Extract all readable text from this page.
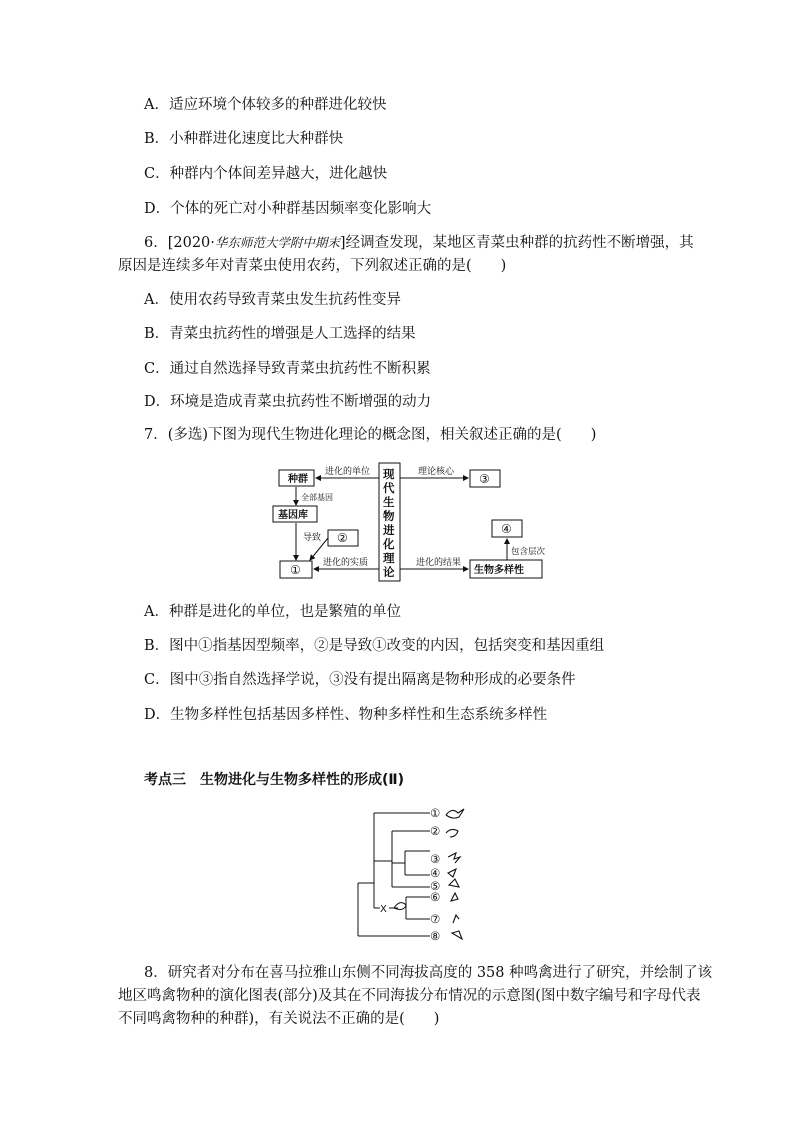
A．适应环境个体较多的种群进化较快
B．小种群进化速度比大种群快
C．种群内个体间差异越大，进化越快
D．个体的死亡对小种群基因频率变化影响大
6．[2020·华东师范大学附中期末]经调查发现，某地区青菜虫种群的抗药性不断增强，其
原因是连续多年对青菜虫使用农药，下列叙述正确的是(　　)
A．使用农药导致青菜虫发生抗药性变异
B．青菜虫抗药性的增强是人工选择的结果
C．通过自然选择导致青菜虫抗药性不断积累
D．环境是造成青菜虫抗药性不断增强的动力
7．(多选)下图为现代生物进化理论的概念图，相关叙述正确的是(　　)
进化的单位
全部基因
导致
进化的实质
理论核心
进化的结果
包含层次
种群
基因库
生物多样性
②
①
③
④
现
代
生
物
进
化
理
论
A．种群是进化的单位，也是繁殖的单位
B．图中①指基因型频率，②是导致①改变的内因，包括突变和基因重组
C．图中③指自然选择学说，③没有提出隔离是物种形成的必要条件
D．生物多样性包括基因多样性、物种多样性和生态系统多样性
考点三　生物进化与生物多样性的形成(Ⅱ)
X
①
②
③
④
⑤
⑥
⑦
⑧
8．研究者对分布在喜马拉雅山东侧不同海拔高度的 358 种鸣禽进行了研究，并绘制了该
地区鸣禽物种的演化图表(部分)及其在不同海拔分布情况的示意图(图中数字编号和字母代表
不同鸣禽物种的种群)，有关说法不正确的是(　　)
